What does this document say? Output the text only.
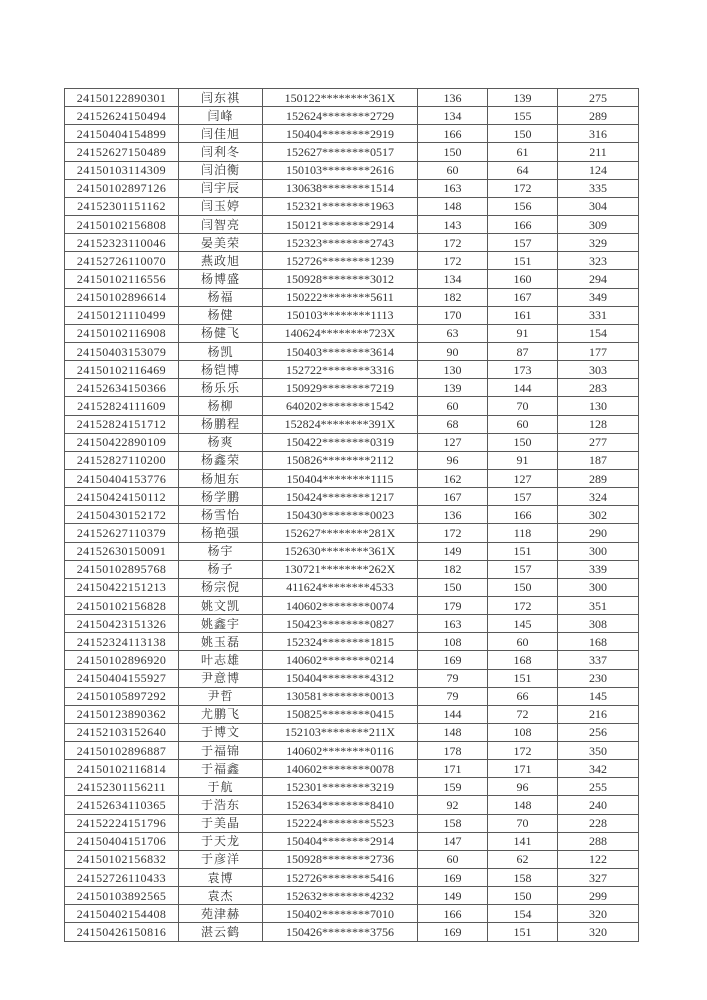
24150122890301	闫东祺	150122********361X	136	139	275
24152624150494	闫峰	152624********2729	134	155	289
24150404154899	闫佳旭	150404********2919	166	150	316
24152627150489	闫利冬	152627********0517	150	61	211
24150103114309	闫泊衡	150103********2616	60	64	124
24150102897126	闫宇辰	130638********1514	163	172	335
24152301151162	闫玉婷	152321********1963	148	156	304
24150102156808	闫智亮	150121********2914	143	166	309
24152323110046	晏美荣	152323********2743	172	157	329
24152726110070	燕政旭	152726********1239	172	151	323
24150102116556	杨博盛	150928********3012	134	160	294
24150102896614	杨福	150222********5611	182	167	349
24150121110499	杨健	150103********1113	170	161	331
24150102116908	杨健飞	140624********723X	63	91	154
24150403153079	杨凯	150403********3614	90	87	177
24150102116469	杨铠博	152722********3316	130	173	303
24152634150366	杨乐乐	150929********7219	139	144	283
24152824111609	杨柳	640202********1542	60	70	130
24152824151712	杨鹏程	152824********391X	68	60	128
24150422890109	杨爽	150422********0319	127	150	277
24152827110200	杨鑫荣	150826********2112	96	91	187
24150404153776	杨旭东	150404********1115	162	127	289
24150424150112	杨学鹏	150424********1217	167	157	324
24150430152172	杨雪怡	150430********0023	136	166	302
24152627110379	杨艳强	152627********281X	172	118	290
24152630150091	杨宇	152630********361X	149	151	300
24150102895768	杨子	130721********262X	182	157	339
24150422151213	杨宗倪	411624********4533	150	150	300
24150102156828	姚文凯	140602********0074	179	172	351
24150423151326	姚鑫宇	150423********0827	163	145	308
24152324113138	姚玉磊	152324********1815	108	60	168
24150102896920	叶志雄	140602********0214	169	168	337
24150404155927	尹意博	150404********4312	79	151	230
24150105897292	尹哲	130581********0013	79	66	145
24150123890362	尤鹏飞	150825********0415	144	72	216
24152103152640	于博文	152103********211X	148	108	256
24150102896887	于福锦	140602********0116	178	172	350
24150102116814	于福鑫	140602********0078	171	171	342
24152301156211	于航	152301********3219	159	96	255
24152634110365	于浩东	152634********8410	92	148	240
24152224151796	于美晶	152224********5523	158	70	228
24150404151706	于天龙	150404********2914	147	141	288
24150102156832	于彦洋	150928********2736	60	62	122
24152726110433	袁博	152726********5416	169	158	327
24150103892565	袁杰	152632********4232	149	150	299
24150402154408	苑津赫	150402********7010	166	154	320
24150426150816	湛云鹤	150426********3756	169	151	320
